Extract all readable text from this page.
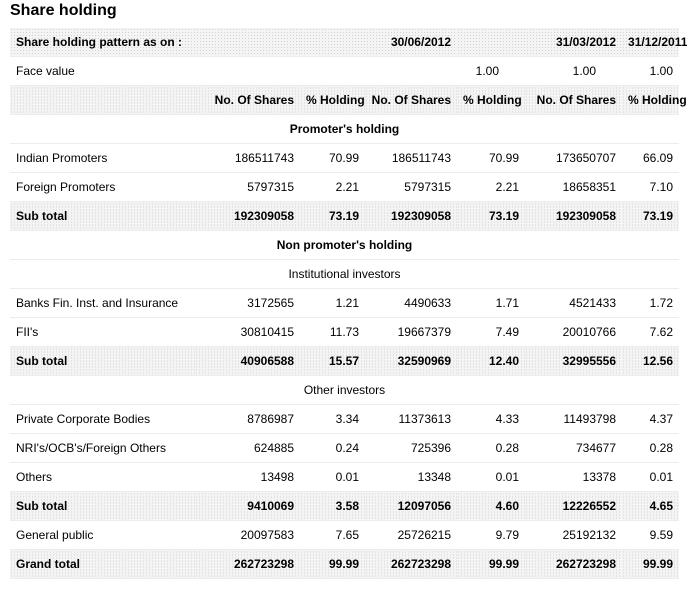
Share holding
Share holding pattern as on :		30/06/2012		31/03/2012		31/12/2011
Face value			1.00		1.00	1.00
	No. Of Shares	% Holding	No. Of Shares	% Holding	No. Of Shares	% Holding
Promoter's holding						
Indian Promoters	186511743	70.99	186511743	70.99	173650707	66.09
Foreign Promoters	5797315	2.21	5797315	2.21	18658351	7.10
Sub total	192309058	73.19	192309058	73.19	192309058	73.19
Non promoter's holding						
Institutional investors						
Banks Fin. Inst. and Insurance	3172565	1.21	4490633	1.71	4521433	1.72
FII's	30810415	11.73	19667379	7.49	20010766	7.62
Sub total	40906588	15.57	32590969	12.40	32995556	12.56
Other investors						
Private Corporate Bodies	8786987	3.34	11373613	4.33	11493798	4.37
NRI's/OCB's/Foreign Others	624885	0.24	725396	0.28	734677	0.28
Others	13498	0.01	13348	0.01	13378	0.01
Sub total	9410069	3.58	12097056	4.60	12226552	4.65
General public	20097583	7.65	25726215	9.79	25192132	9.59
Grand total	262723298	99.99	262723298	99.99	262723298	99.99
